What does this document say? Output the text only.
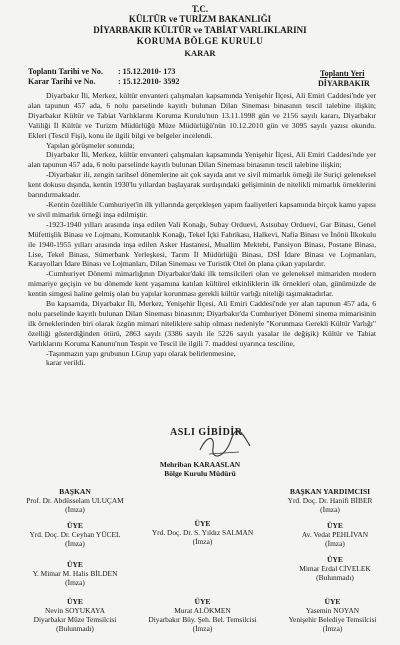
T.C.
KÜLTÜR ve TURİZM BAKANLIĞI
DİYARBAKIR KÜLTÜR ve TABİAT VARLIKLARINI
KORUMA BÖLGE KURULU
KARAR
Toplantı Tarihi ve No. : 15.12.2010- 173
Karar Tarihi ve No.	: 15.12.2010- 3592
Toplantı Yeri
DİYARBAKIR

Diyarbakır İli, Merkez, kültür envanteri çalışmaları kapsamında Yenişehir İlçesi, Ali Emiri Caddesi'nde yer alan tapunun 457 ada, 6 nolu parselinde kayıtlı bulunan Dilan Sineması binasının tescil talebine ilişkin; Diyarbakır Kültür ve Tabiat Varlıklarını Koruma Kurulu'nun 13.11.1998 gün ve 2156 sayılı kararı, Diyarbakır Valiliği İl Kültür ve Turizm Müdürlüğü Müze Müdürlüğü'nün 10.12.2010 gün ve 3095 sayılı yazısı okundu. Ekleri (Tescil Fişi), konu ile ilgili bilgi ve belgeler incelendi.

Yapılan görüşmeler sonunda;

Diyarbakır İli, Merkez, kültür envanteri çalışmaları kapsamında Yenişehir İlçesi, Ali Emiri Caddesi'nde yer alan tapunun 457 ada, 6 nolu parselinde kayıtlı bulunan Dilan Sineması binasının tescil talebine ilişkin;

-Diyarbakır ili, zengin tarihsel dönemlerine ait çok sayıda anıt ve sivil mimarlık örneği ile Suriçi geleneksel kent dokusu dışında, kentin 1930'lu yıllardan başlayarak surdışındaki gelişiminin de nitelikli mimarlık örneklerini barındırmaktadır.

-Kentin özellikle Cumhuriyet'in ilk yıllarında gerçekleşen yapım faaliyetleri kapsamında birçok kamu yapısı ve sivil mimarlık örneği inşa edilmiştir.

-1923-1940 yılları arasında inşa edilen Vali Konağı, Subay Orduevi, Astsubay Orduevi, Gar Binası, Genel Müfettişlik Binası ve Lojmanı, Komutanlık Konağı, Tekel İçki Fabrikası, Halkevi, Nafia Binası ve İnönü İlkokulu ile 1940-1955 yılları arasında inşa edilen Asker Hastanesi, Muallim Mektebi, Pansiyon Binası, Postane Binası, Lise, Tekel Binası, Sümerbank Yerleşkesi, Tarım İl Müdürlüğü Binası, DSİ İdare Binası ve Lojmanları, Karayolları İdare Binası ve Lojmanları, Dilan Sineması ve Turistik Otel ön plana çıkan yapılardır.

-Cumhuriyet Dönemi mimarlığının Diyarbakır'daki ilk temsilcileri olan ve geleneksel mimariden modern mimariye geçişin ve bu dönemde kent yaşamına katılan kültürel etkinliklerin ilk örnekleri olan, günümüzde de kentin simgesi haline gelmiş olan bu yapılar korunması gerekli kültür varlığı niteliği taşımaktadırlar.

Bu kapsamda, Diyarbakır İli, Merkez, Yenişehir İlçesi, Ali Emiri Caddesi'nde yer alan tapunun 457 ada, 6 nolu parselinde kayıtlı bulunan Dilan Sineması binasının; Diyarbakır'da Cumhuriyet Dönemi sinema mimarisinin ilk örneklerinden biri olarak özgün mimari niteliklere sahip olması nedeniyle "Korunması Gerekli Kültür Varlığı" özelliği gösterdiğinden ötürü, 2863 sayılı (3386 sayılı ile 5226 sayılı yasalar ile değişik) Kültür ve Tabiat Varlıklarını Koruma Kanunu'nun Tespit ve Tescil ile ilgili 7. maddesi uyarınca tesciline,

-Taşınmazın yapı grubunun I.Grup yapı olarak belirlenmesine,

karar verildi.

ASLI GİBİDİR
Mehriban KARAASLAN
Bölge Kurulu Müdürü
BAŞKAN
Prof. Dr. Abdüsselam ULUÇAM
(İmza)
BAŞKAN YARDIMCISI
Yrd. Doç. Dr. Hanifi BİBER
(İmza)
ÜYE
Yrd. Doç. Dr. Ceyhan YÜCEL
(İmza)
ÜYE
Yrd. Doç. Dr. S. Yıldız SALMAN
(İmza)
ÜYE
Av. Vedat PEHLİVAN
(İmza)
ÜYE
Y. Mimar M. Halis BİLDEN
(İmza)
ÜYE
Mimar Erdal CİVELEK
(Bulunmadı)
ÜYE
Nevin SOYUKAYA
Diyarbakır Müze Temsilcisi
(Bulunmadı)
ÜYE
Murat ALÖKMEN
Diyarbakır Büy. Şeh. Bel. Temsilcisi
(İmza)
ÜYE
Yasemin NOYAN
Yenişehir Belediye Temsilcisi
(İmza)
